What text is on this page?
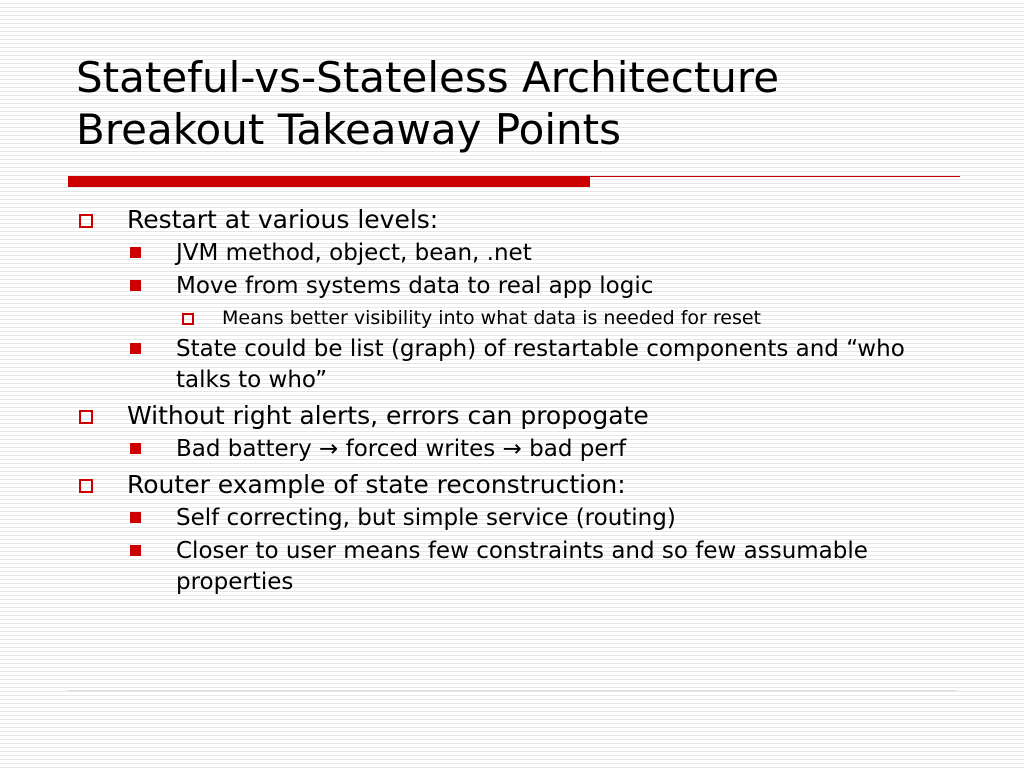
Stateful-vs-Stateless Architecture
Breakout Takeaway Points
Restart at various levels:
JVM method, object, bean, .net
Move from systems data to real app logic
Means better visibility into what data is needed for reset
State could be list (graph) of restartable components and “who talks to who”
Without right alerts, errors can propogate
Bad battery → forced writes → bad perf
Router example of state reconstruction:
Self correcting, but simple service (routing)
Closer to user means few constraints and so few assumable properties
